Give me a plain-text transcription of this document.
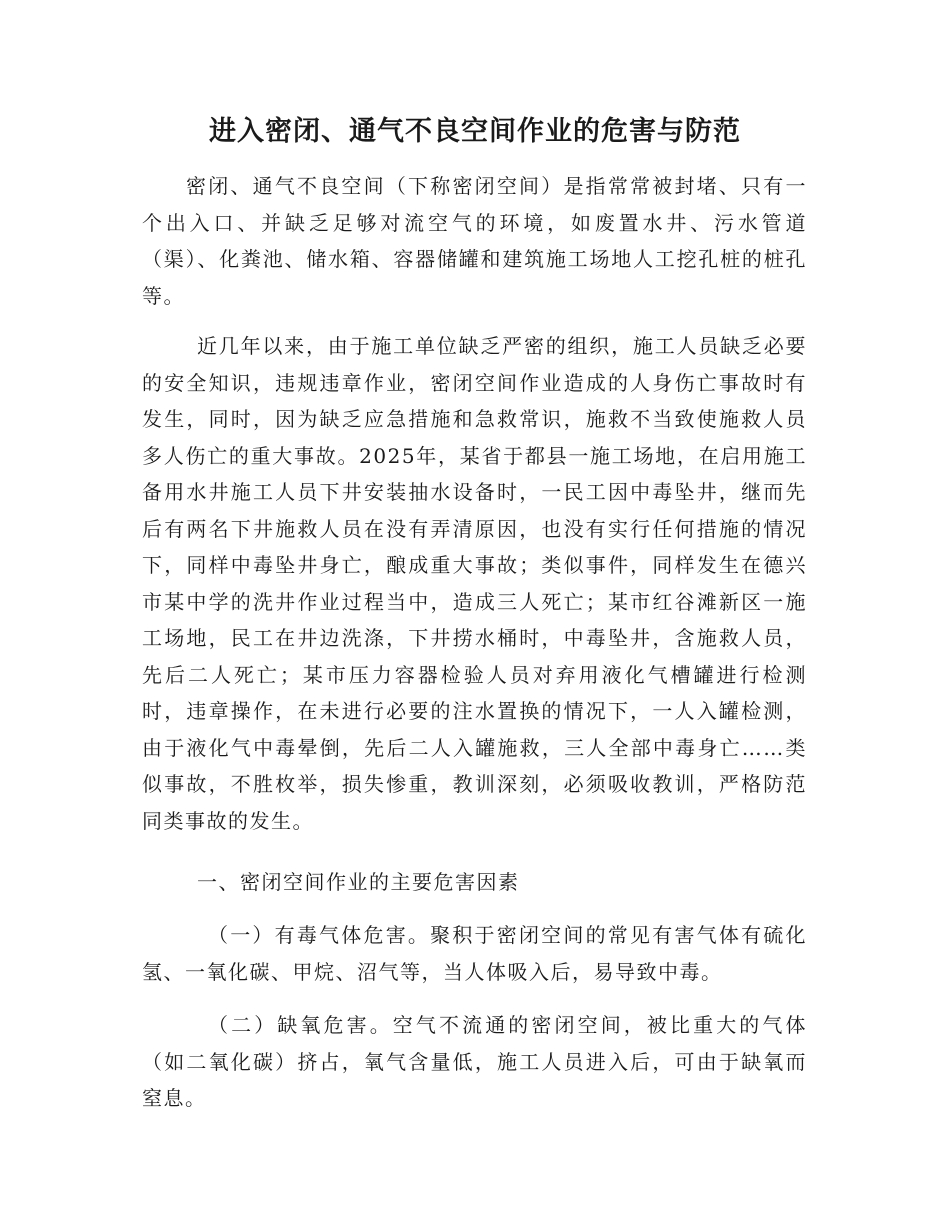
进入密闭、通气不良空间作业的危害与防范

密闭、通气不良空间（下称密闭空间）是指常常被封堵、只有一个出入口、并缺乏足够对流空气的环境，如废置水井、污水管道（渠）、化粪池、储水箱、容器储罐和建筑施工场地人工挖孔桩的桩孔等。

近几年以来，由于施工单位缺乏严密的组织，施工人员缺乏必要的安全知识，违规违章作业，密闭空间作业造成的人身伤亡事故时有发生，同时，因为缺乏应急措施和急救常识，施救不当致使施救人员多人伤亡的重大事故。2025年，某省于都县一施工场地，在启用施工备用水井施工人员下井安装抽水设备时，一民工因中毒坠井，继而先后有两名下井施救人员在没有弄清原因，也没有实行任何措施的情况下，同样中毒坠井身亡，酿成重大事故；类似事件，同样发生在德兴市某中学的洗井作业过程当中，造成三人死亡；某市红谷滩新区一施工场地，民工在井边洗涤，下井捞水桶时，中毒坠井，含施救人员，先后二人死亡；某市压力容器检验人员对弃用液化气槽罐进行检测时，违章操作，在未进行必要的注水置换的情况下，一人入罐检测，由于液化气中毒晕倒，先后二人入罐施救，三人全部中毒身亡……类似事故，不胜枚举，损失惨重，教训深刻，必须吸收教训，严格防范同类事故的发生。

一、密闭空间作业的主要危害因素

（一）有毒气体危害。聚积于密闭空间的常见有害气体有硫化氢、一氧化碳、甲烷、沼气等，当人体吸入后，易导致中毒。

（二）缺氧危害。空气不流通的密闭空间，被比重大的气体（如二氧化碳）挤占，氧气含量低，施工人员进入后，可由于缺氧而窒息。
